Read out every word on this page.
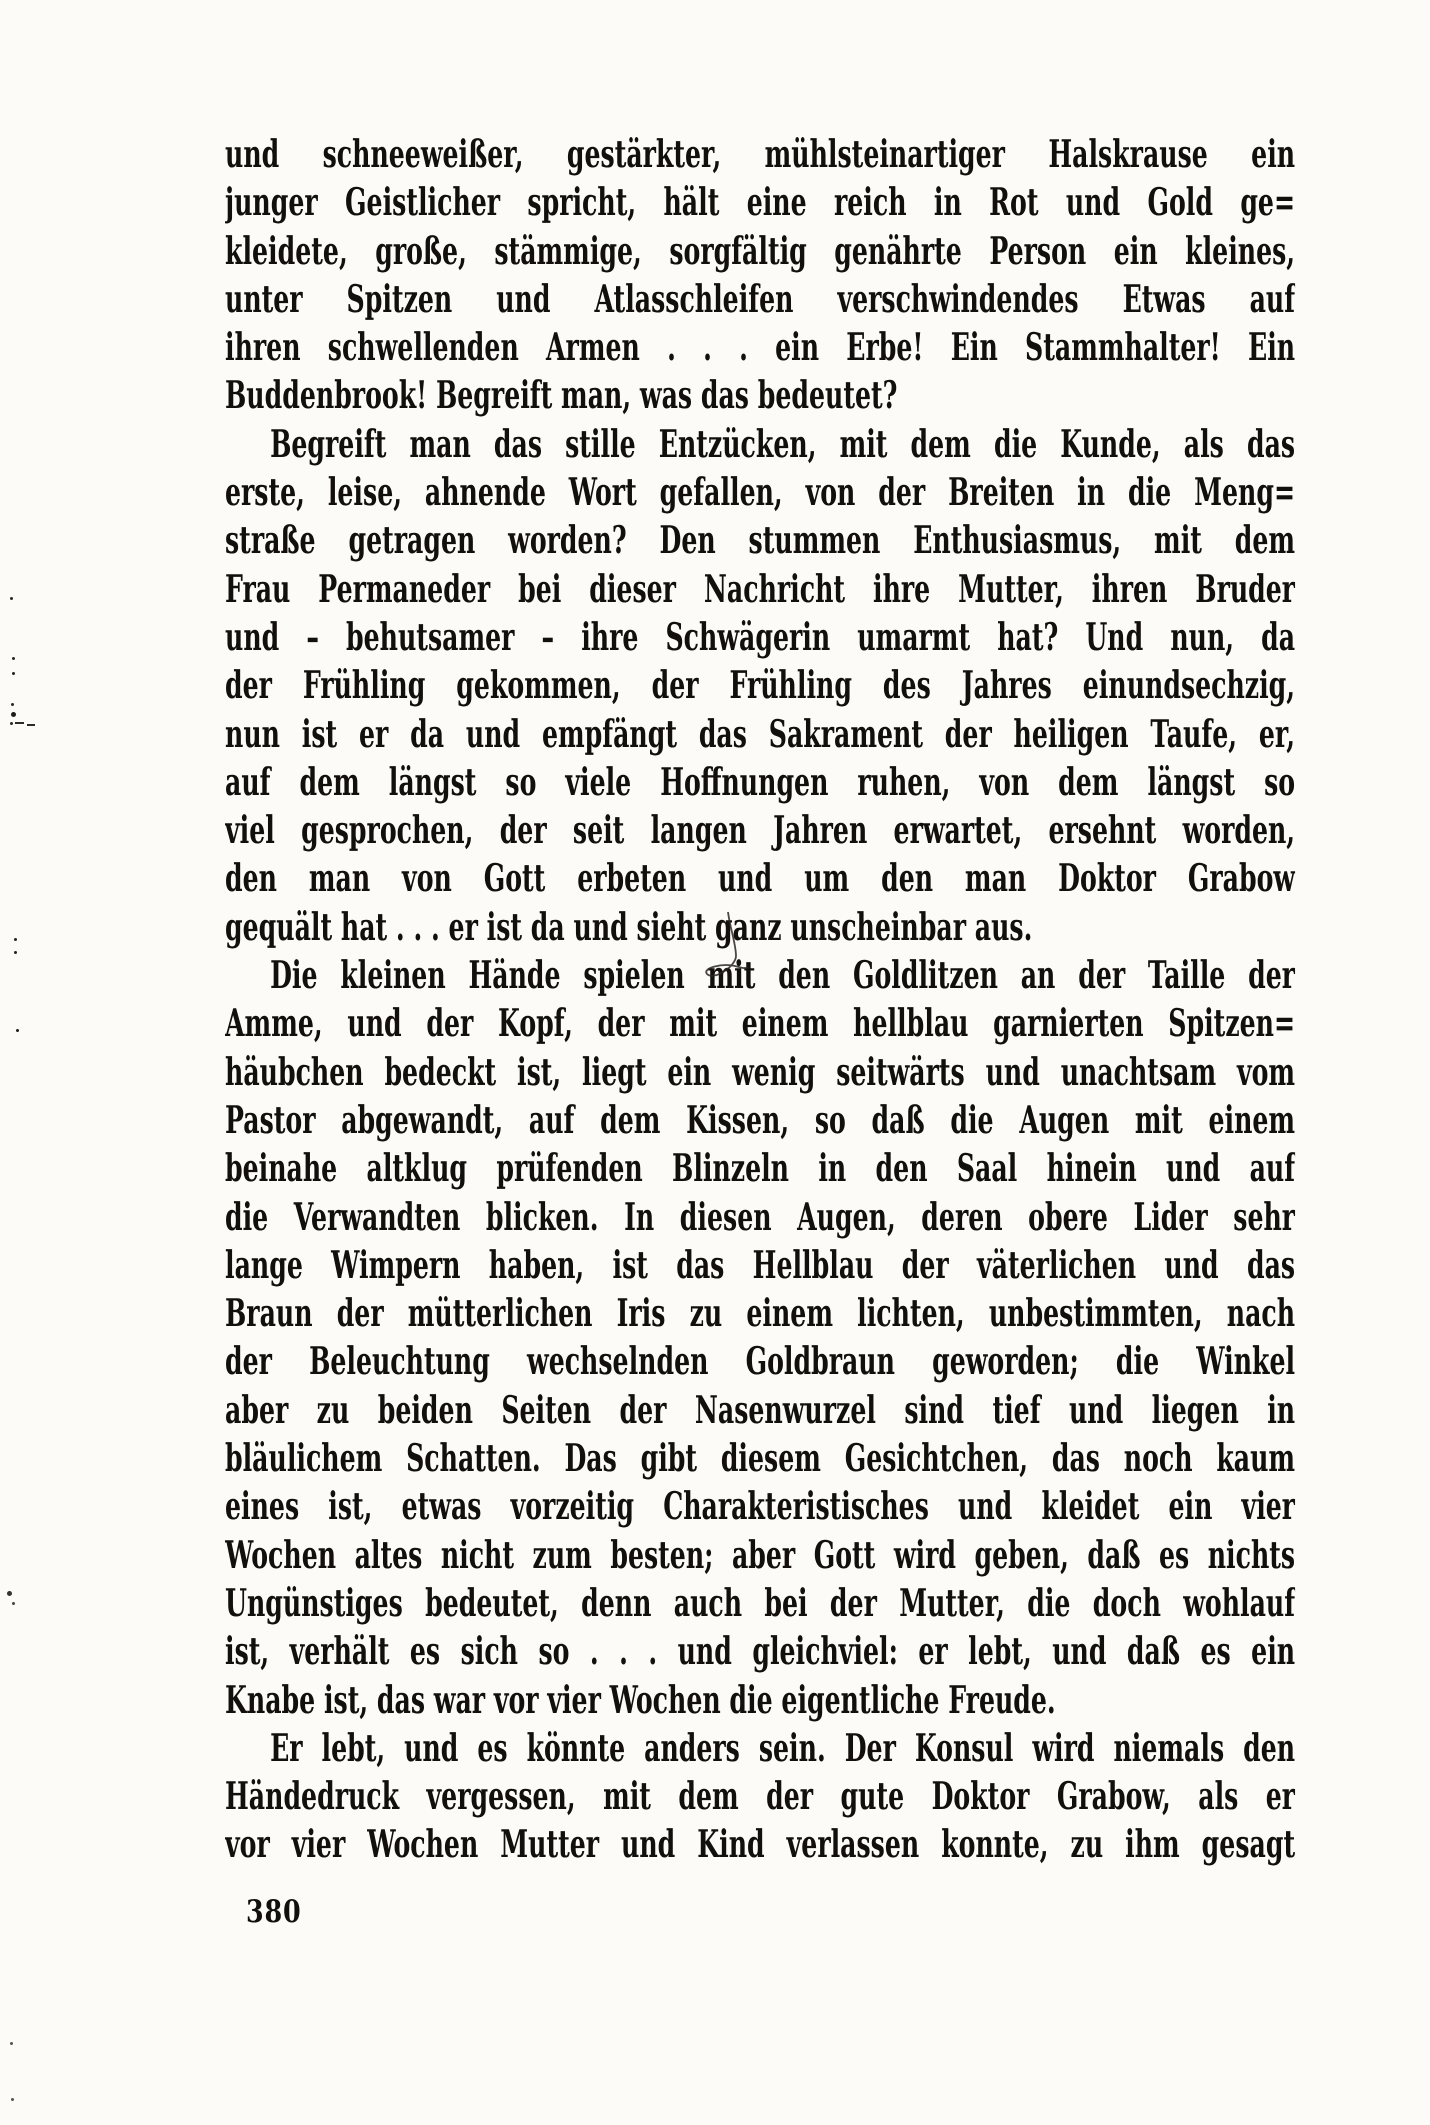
und schneeweißer, gestärkter, mühlsteinartiger Halskrause ein
junger Geistlicher spricht, hält eine reich in Rot und Gold ge=
kleidete, große, stämmige, sorgfältig genährte Person ein kleines,
unter Spitzen und Atlasschleifen verschwindendes Etwas auf
ihren schwellenden Armen . . . ein Erbe! Ein Stammhalter! Ein
Buddenbrook! Begreift man, was das bedeutet?
Begreift man das stille Entzücken, mit dem die Kunde, als das
erste, leise, ahnende Wort gefallen, von der Breiten in die Meng=
straße getragen worden? Den stummen Enthusiasmus, mit dem
Frau Permaneder bei dieser Nachricht ihre Mutter, ihren Bruder
und – behutsamer – ihre Schwägerin umarmt hat? Und nun, da
der Frühling gekommen, der Frühling des Jahres einundsechzig,
nun ist er da und empfängt das Sakrament der heiligen Taufe, er,
auf dem längst so viele Hoffnungen ruhen, von dem längst so
viel gesprochen, der seit langen Jahren erwartet, ersehnt worden,
den man von Gott erbeten und um den man Doktor Grabow
gequält hat . . . er ist da und sieht ganz unscheinbar aus.
Die kleinen Hände spielen mit den Goldlitzen an der Taille der
Amme, und der Kopf, der mit einem hellblau garnierten Spitzen=
häubchen bedeckt ist, liegt ein wenig seitwärts und unachtsam vom
Pastor abgewandt, auf dem Kissen, so daß die Augen mit einem
beinahe altklug prüfenden Blinzeln in den Saal hinein und auf
die Verwandten blicken. In diesen Augen, deren obere Lider sehr
lange Wimpern haben, ist das Hellblau der väterlichen und das
Braun der mütterlichen Iris zu einem lichten, unbestimmten, nach
der Beleuchtung wechselnden Goldbraun geworden; die Winkel
aber zu beiden Seiten der Nasenwurzel sind tief und liegen in
bläulichem Schatten. Das gibt diesem Gesichtchen, das noch kaum
eines ist, etwas vorzeitig Charakteristisches und kleidet ein vier
Wochen altes nicht zum besten; aber Gott wird geben, daß es nichts
Ungünstiges bedeutet, denn auch bei der Mutter, die doch wohlauf
ist, verhält es sich so . . . und gleichviel: er lebt, und daß es ein
Knabe ist, das war vor vier Wochen die eigentliche Freude.
Er lebt, und es könnte anders sein. Der Konsul wird niemals den
Händedruck vergessen, mit dem der gute Doktor Grabow, als er
vor vier Wochen Mutter und Kind verlassen konnte, zu ihm gesagt
380
